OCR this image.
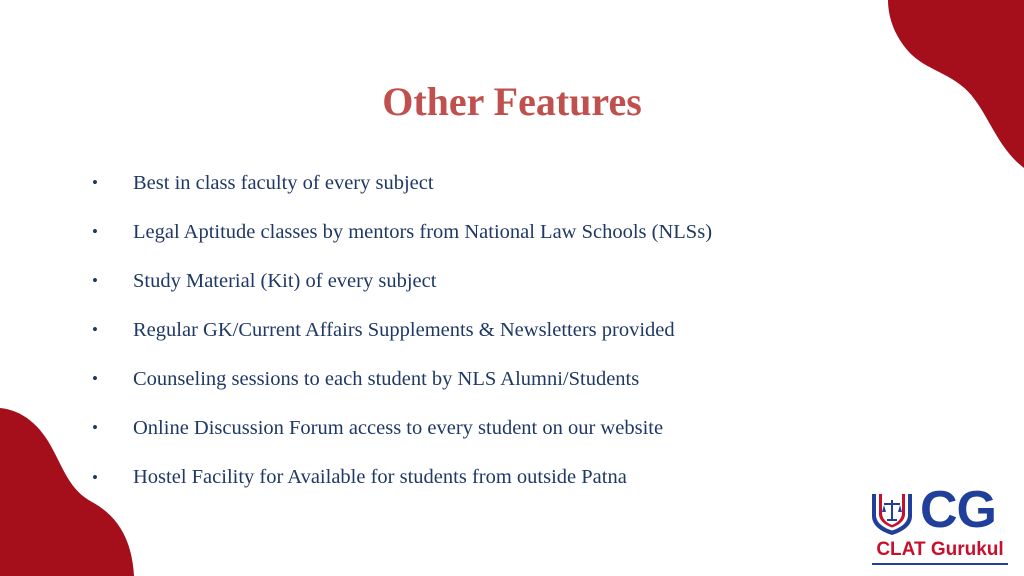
Other Features
•	Best in class faculty of every subject
•	Legal Aptitude classes by mentors from National Law Schools (NLSs)
•	Study Material (Kit) of every subject
•	Regular GK/Current Affairs Supplements & Newsletters provided
•	Counseling sessions to each student by NLS Alumni/Students
•	Online Discussion Forum access to every student on our website
•	Hostel Facility for Available for students from outside Patna
CG
CLAT Gurukul
